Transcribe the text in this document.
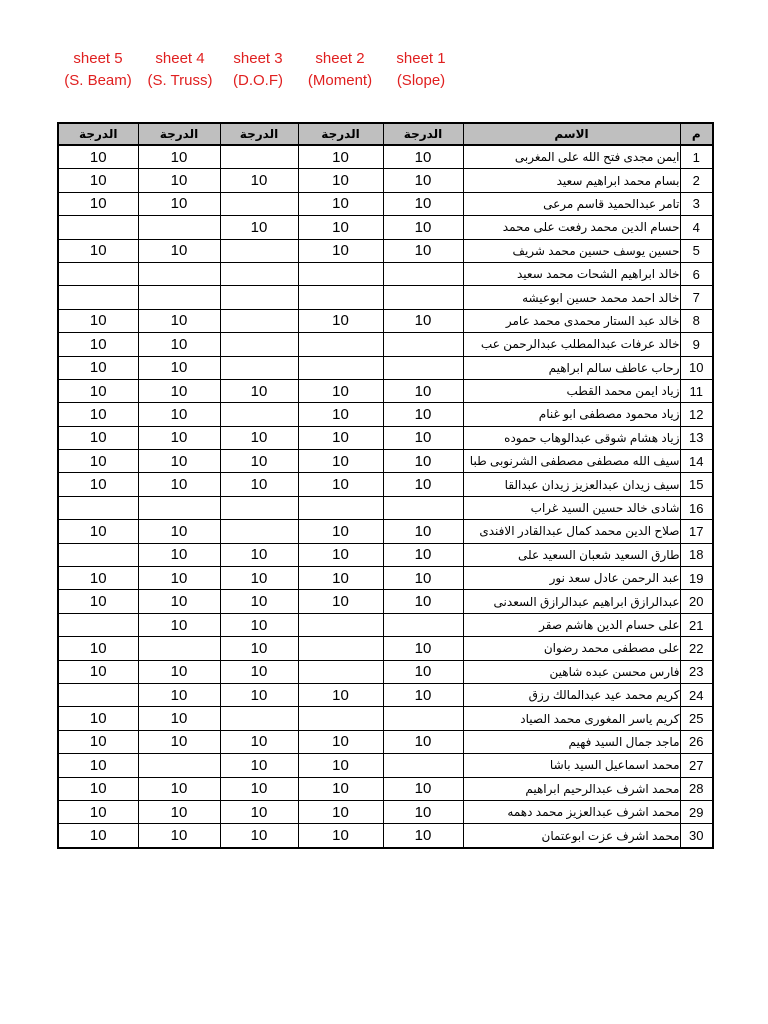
sheet 5
(S. Beam)
sheet 4
(S. Truss)
sheet 3
(D.O.F)
sheet 2
(Moment)
sheet 1
(Slope)
الدرجة	الدرجة	الدرجة	الدرجة	الدرجة	الاسم	م
10	10		10	10	ايمن مجدى فتح الله على المغربى	1
10	10	10	10	10	بسام محمد ابراهيم سعيد	2
10	10		10	10	تامر عبدالحميد قاسم مرعى	3
		10	10	10	حسام الدين محمد رفعت على محمد	4
10	10		10	10	حسين يوسف حسين محمد شريف	5
					خالد ابراهيم الشحات محمد سعيد	6
					خالد احمد محمد حسين ابوعيشه	7
10	10		10	10	خالد عبد الستار محمدى محمد عامر	8
10	10				خالد عرفات عبدالمطلب عبدالرحمن عب	9
10	10				رحاب عاطف سالم ابراهيم	10
10	10	10	10	10	زياد ايمن محمد القطب	11
10	10		10	10	زياد محمود مصطفى ابو غنام	12
10	10	10	10	10	زياد هشام شوقى عبدالوهاب حموده	13
10	10	10	10	10	سيف الله مصطفى مصطفى الشرنوبى طبا	14
10	10	10	10	10	سيف زيدان عبدالعزيز زيدان عبدالقا	15
					شادى خالد حسين السيد غراب	16
10	10		10	10	صلاح الدين محمد كمال عبدالقادر الافندى	17
	10	10	10	10	طارق السعيد شعبان السعيد على	18
10	10	10	10	10	عبد الرحمن عادل سعد نور	19
10	10	10	10	10	عبدالرازق ابراهيم عبدالرازق السعدنى	20
	10	10			على حسام الدين هاشم صقر	21
10		10		10	على مصطفى محمد رضوان	22
10	10	10		10	فارس محسن عبده شاهين	23
	10	10	10	10	كريم محمد عيد عبدالمالك رزق	24
10	10				كريم ياسر المغورى محمد الصياد	25
10	10	10	10	10	ماجد جمال السيد فهيم	26
10		10	10		محمد اسماعيل السيد باشا	27
10	10	10	10	10	محمد اشرف عبدالرحيم ابراهيم	28
10	10	10	10	10	محمد اشرف عبدالعزيز محمد دهمه	29
10	10	10	10	10	محمد اشرف عزت ابوعتمان	30
